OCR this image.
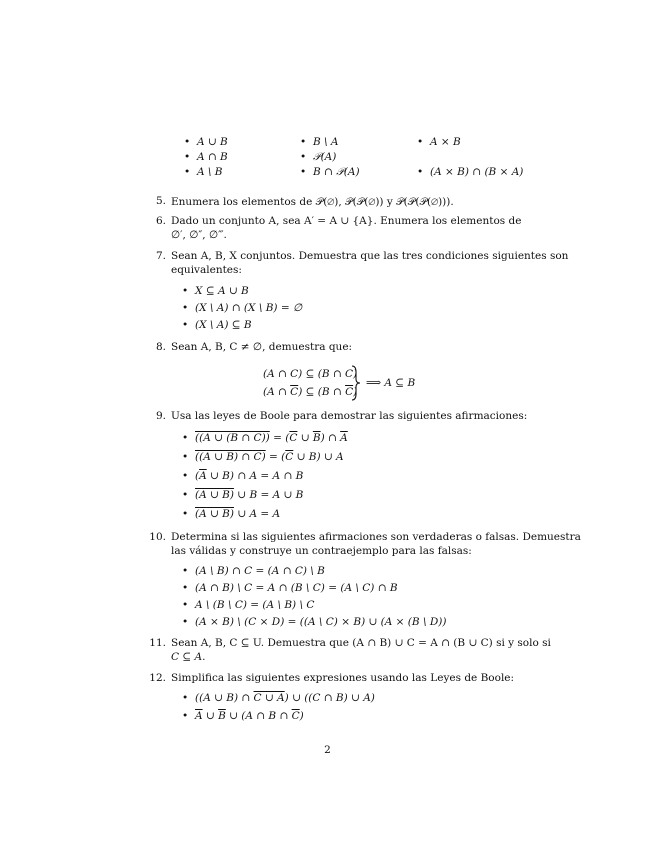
• A ∪ B
• A ∩ B
• A \ B
• B \ A
• 𝒫(A)
• B ∩ 𝒫(A)
• A × B
• (A × B) ∩ (B × A)
5. Enumera los elementos de 𝒫(∅), 𝒫(𝒫(∅)) y 𝒫(𝒫(𝒫(∅))).
6. Dado un conjunto A, sea A′ = A ∪ {A}. Enumera los elementos de
∅′, ∅″, ∅‴.
7. Sean A, B, X conjuntos. Demuestra que las tres condiciones siguientes son
equivalentes:
• X ⊆ A ∪ B
• (X \ A) ∩ (X \ B) = ∅
• (X \ A) ⊆ B
8. Sean A, B, C ≠ ∅, demuestra que:
(A ∩ C) ⊆ (B ∩ C)
(A ∩ $\overline{C}$) ⊆ (B ∩ $\overline{C}$)
⟹ A ⊆ B
9. Usa las leyes de Boole para demostrar las siguientes afirmaciones:
• ((A ∪ (B ∩ $C)) = (\overline{C}$ ∪ $\overline{B}$) ∩ $\overline{A}$
• ((A ∪ B) ∩ $C) = (\overline{C}$ ∪ B) ∪ A
• ($\overline{A}$ ∪ B) ∩ A = A ∩ B
• (A ∪ B) ∪ B = A ∪ B
• (A ∪ B) ∪ A = A
10. Determina si las siguientes afirmaciones son verdaderas o falsas. Demuestra
las válidas y construye un contraejemplo para las falsas:
• (A \ B) ∩ C = (A ∩ C) \ B
• (A ∩ B) \ C = A ∩ (B \ C) = (A \ C) ∩ B
• A \ (B \ C) = (A \ B) \ C
• (A × B) \ (C × D) = ((A \ C) × B) ∪ (A × (B \ D))
11. Sean A, B, C ⊆ U. Demuestra que (A ∩ B) ∪ C = A ∩ (B ∪ C) si y solo si
C ⊆ A.
12. Simplifica las siguientes expresiones usando las Leyes de Boole:
• ((A ∪ B) ∩ C ∪ A) ∪ ((C ∩ B) ∪ A)
• $\overline{A}$ ∪ $\overline{B}$ ∪ (A ∩ B ∩ $\overline{C}$)
2
